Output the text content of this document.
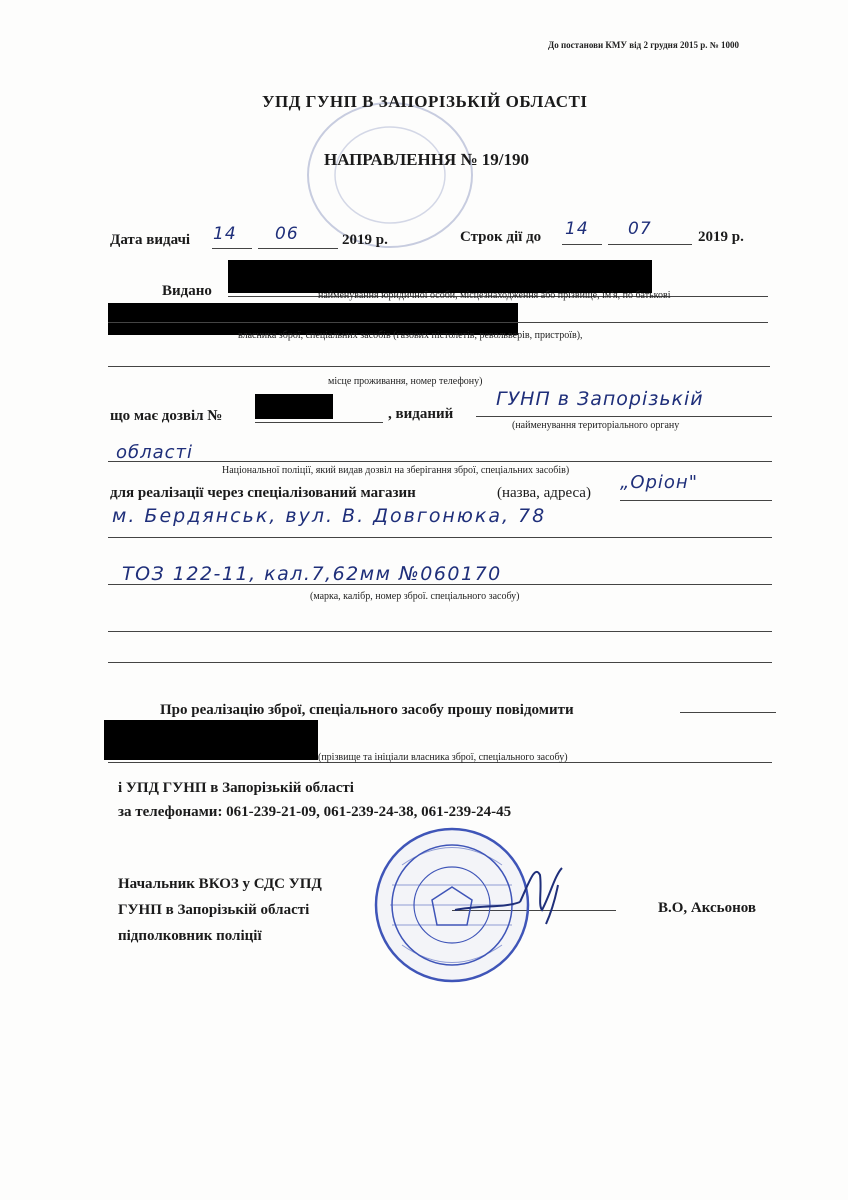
До постанови КМУ від 2 грудня 2015 р. № 1000
УПД ГУНП В ЗАПОРІЗЬКІЙ ОБЛАСТІ
НАПРАВЛЕННЯ № 19/190
Дата видачі 14 06	2019 р.	Строк дії до 14 07	2019 р.
Видано	найменування юридичної особи, місцезнаходження або прізвище, ім'я, по батькові
власника зброї, спеціальних засобів (газових пістолетів, револьверів, пристроїв),
місце проживання, номер телефону)
що має дозвіл №	, виданий
ГУНП в Запорізькій
(найменування територіального органу
області
Національної поліції, який видав дозвіл на зберігання зброї, спеціальних засобів)
для реалізації через спеціалізований магазин	(назва, адреса) „Оріон"
м. Бердянськ, вул. В. Довгонюка, 78
ТОЗ 122-11, кал.7,62мм №060170
(марка, калібр, номер зброї. спеціального засобу)
Про реалізацію зброї, спеціального засобу прошу повідомити
(прізвище та ініціали власника зброї, спеціального засобу)
і УПД ГУНП в Запорізькій області
за телефонами: 061-239-21-09, 061-239-24-38, 061-239-24-45
Начальник ВКОЗ у СДС УПД
ГУНП в Запорізькій області
підполковник поліції
В.О, Аксьонов
